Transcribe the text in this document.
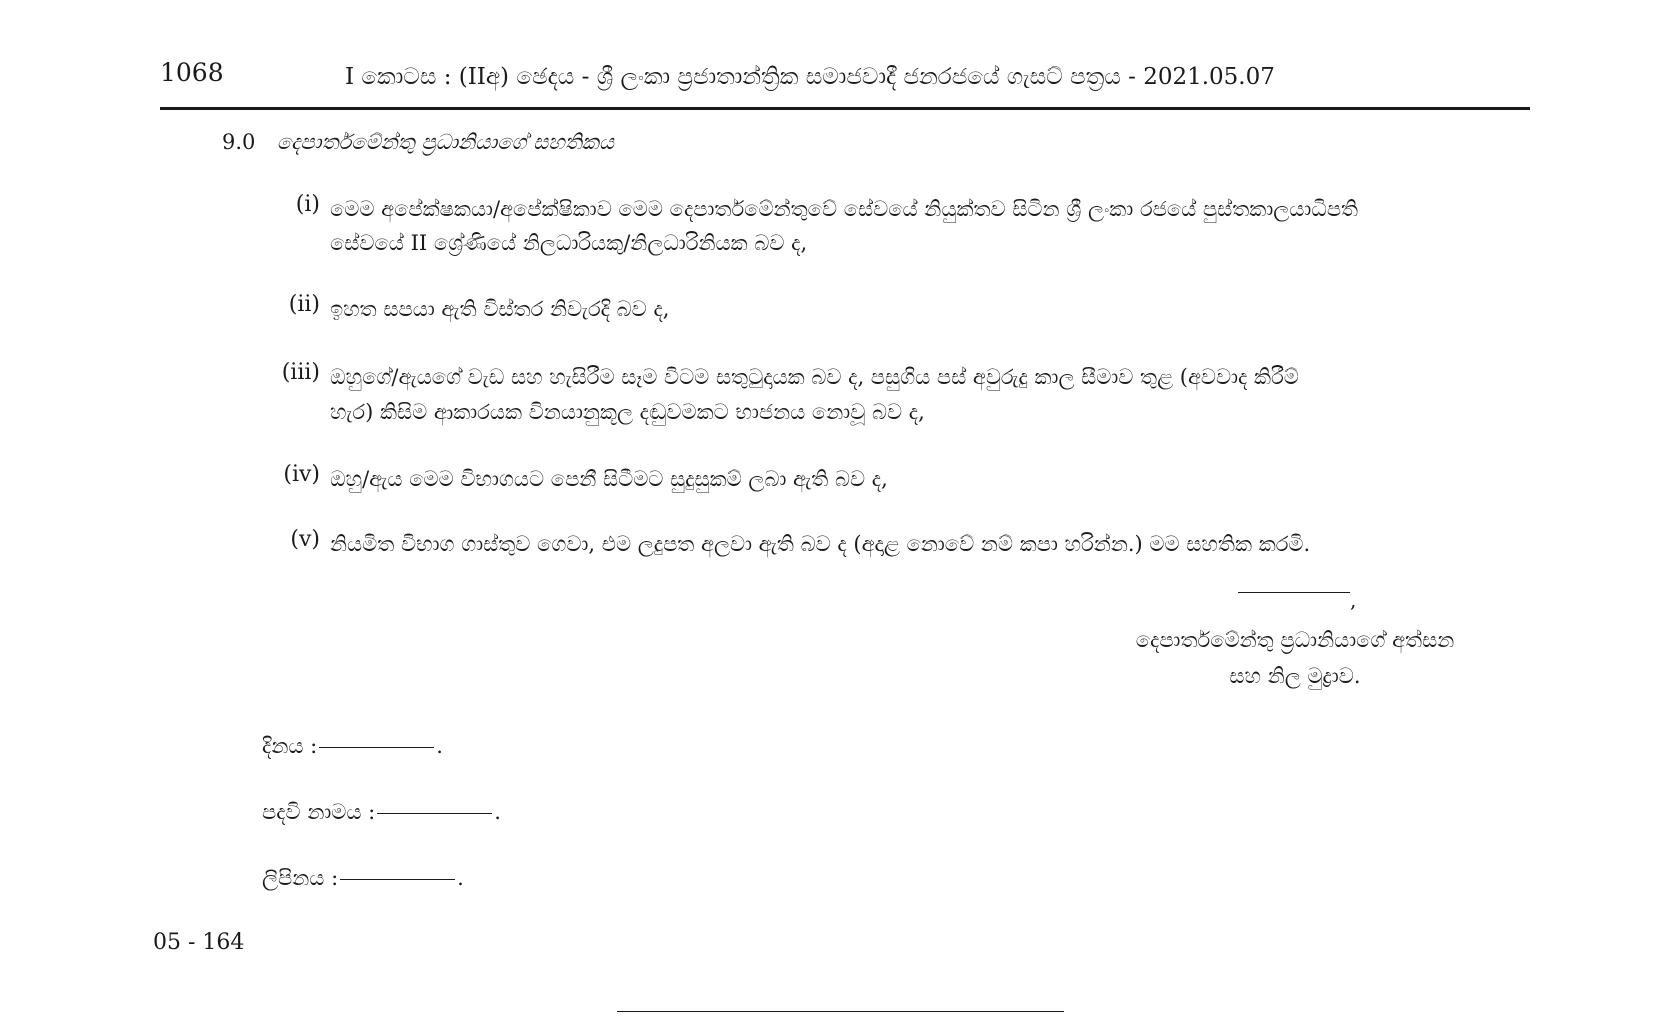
1068	I කොටස : (IIඅ) ඡෙදය - ශ්‍රී ලංකා ප්‍රජාතාන්ත්‍රික සමාජවාදී ජනරජයේ ගැසට් පත්‍රය - 2021.05.07
9.0 දෙපාර්තමේන්තු ප්‍රධානියාගේ සහතිකය
(i) මෙම අපේක්ෂකයා/අපේක්ෂිකාව මෙම දෙපාර්තමේන්තුවේ සේවයේ නියුක්තව සිටින ශ්‍රී ලංකා රජයේ පුස්තකාලයාධිපති
සේවයේ II ශ්‍රේණියේ නිලධාරියකු/නිලධාරිනියක බව ද,
(ii) ඉහත සපයා ඇති විස්තර නිවැරදි බව ද,
(iii) ඔහුගේ/ඇයගේ වැඩ සහ හැසිරීම සෑම විටම සතුටුදායක බව ද, පසුගිය පස් අවුරුදු කාල සීමාව තුළ (අවවාද කිරීම්
හැර) කිසිම ආකාරයක විනයානුකූල දඬුවමකට භාජනය නොවූ බව ද,
(iv) ඔහු/ඇය මෙම විභාගයට පෙනී සිටීමට සුදුසුකම් ලබා ඇති බව ද,
(v) නියමිත විභාග ගාස්තුව ගෙවා, එම ලදුපත අලවා ඇති බව ද (අදාළ නොවේ නම් කපා හරින්න.) මම සහතික කරමි.
,
දෙපාර්තමේන්තු ප්‍රධානියාගේ අත්සන
සහ නිල මුද්‍රාව.
දිනය :	.
පදවි නාමය :	.
ලිපිනය :	.
05 - 164
